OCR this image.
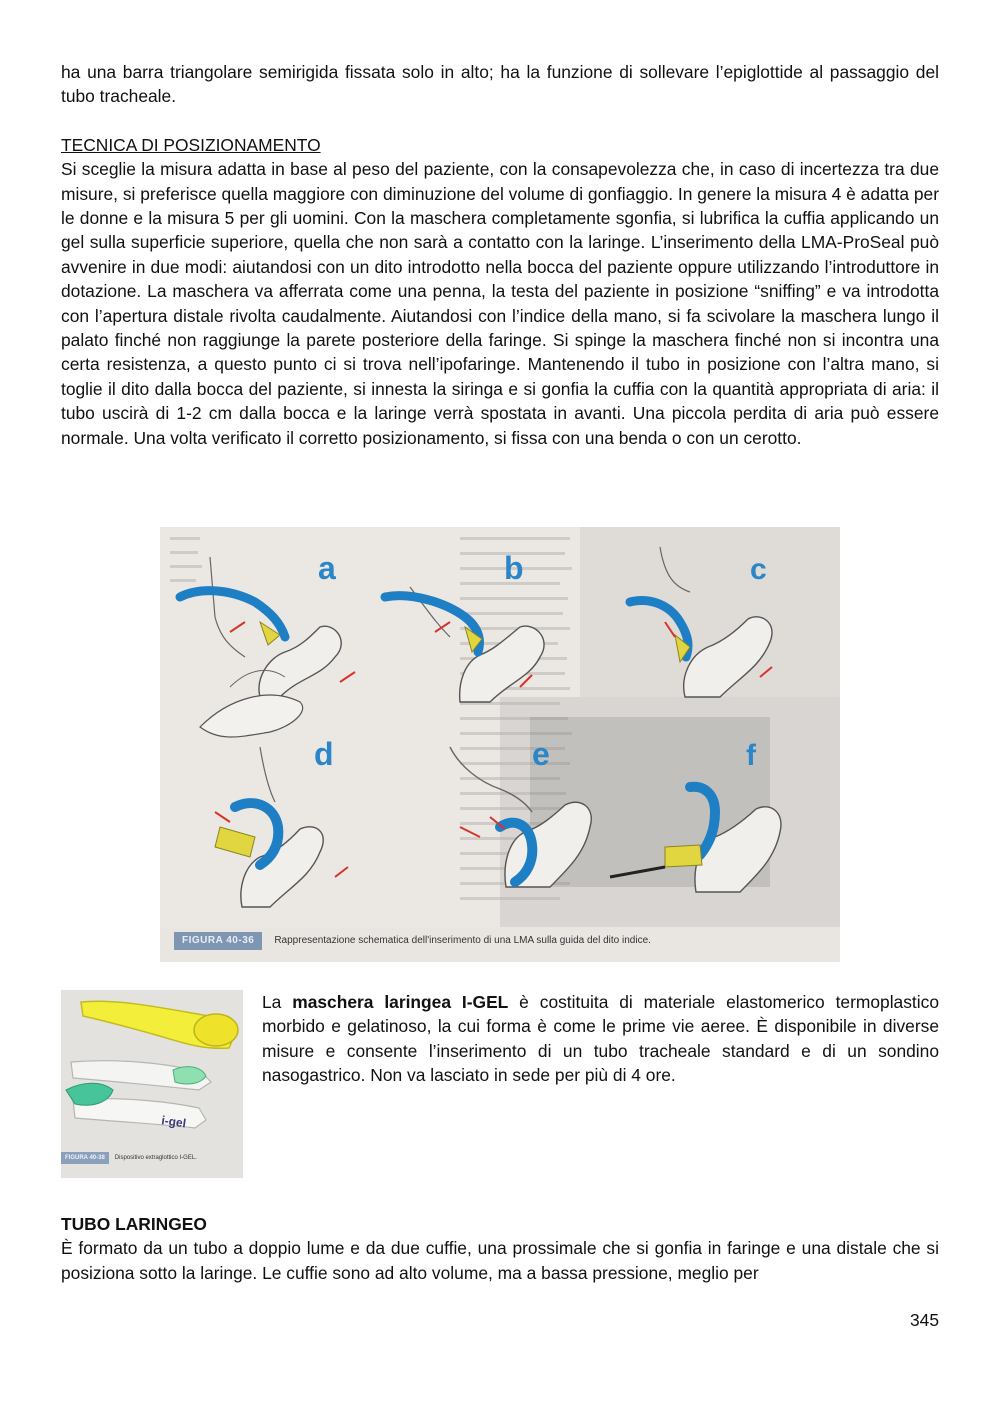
ha una barra triangolare semirigida fissata solo in alto; ha la funzione di sollevare l’epiglottide al passaggio del tubo tracheale.

TECNICA DI POSIZIONAMENTO

Si sceglie la misura adatta in base al peso del paziente, con la consapevolezza che, in caso di incertezza tra due misure, si preferisce quella maggiore con diminuzione del volume di gonfiaggio. In genere la misura 4 è adatta per le donne e la misura 5 per gli uomini. Con la maschera completamente sgonfia, si lubrifica la cuffia applicando un gel sulla superficie superiore, quella che non sarà a contatto con la laringe. L’inserimento della LMA-ProSeal può avvenire in due modi: aiutandosi con un dito introdotto nella bocca del paziente oppure utilizzando l’introduttore in dotazione. La maschera va afferrata come una penna, la testa del paziente in posizione “sniffing” e va introdotta con l’apertura distale rivolta caudalmente. Aiutandosi con l’indice della mano, si fa scivolare la maschera lungo il palato finché non raggiunge la parete posteriore della faringe. Si spinge la maschera finché non si incontra una certa resistenza, a questo punto ci si trova nell’ipofaringe. Mantenendo il tubo in posizione con l’altra mano, si toglie il dito dalla bocca del paziente, si innesta la siringa e si gonfia la cuffia con la quantità appropriata di aria: il tubo uscirà di 1-2 cm dalla bocca e la laringe verrà spostata in avanti. Una piccola perdita di aria può essere normale. Una volta verificato il corretto posizionamento, si fissa con una benda o con un cerotto.

a	b	c
d	e	f
FIGURA 40-36	Rappresentazione schematica dell'inserimento di una LMA sulla guida del dito indice.
i-gel
FIGURA 40-38	Dispositivo extraglottico I-GEL.

La maschera laringea I-GEL è costituita di materiale elastomerico termoplastico morbido e gelatinoso, la cui forma è come le prime vie aeree. È disponibile in diverse misure e consente l’inserimento di un tubo tracheale standard e di un sondino nasogastrico. Non va lasciato in sede per più di 4 ore.

TUBO LARINGEO

È formato da un tubo a doppio lume e da due cuffie, una prossimale che si gonfia in faringe e una distale che si posiziona sotto la laringe. Le cuffie sono ad alto volume, ma a bassa pressione, meglio per

345
